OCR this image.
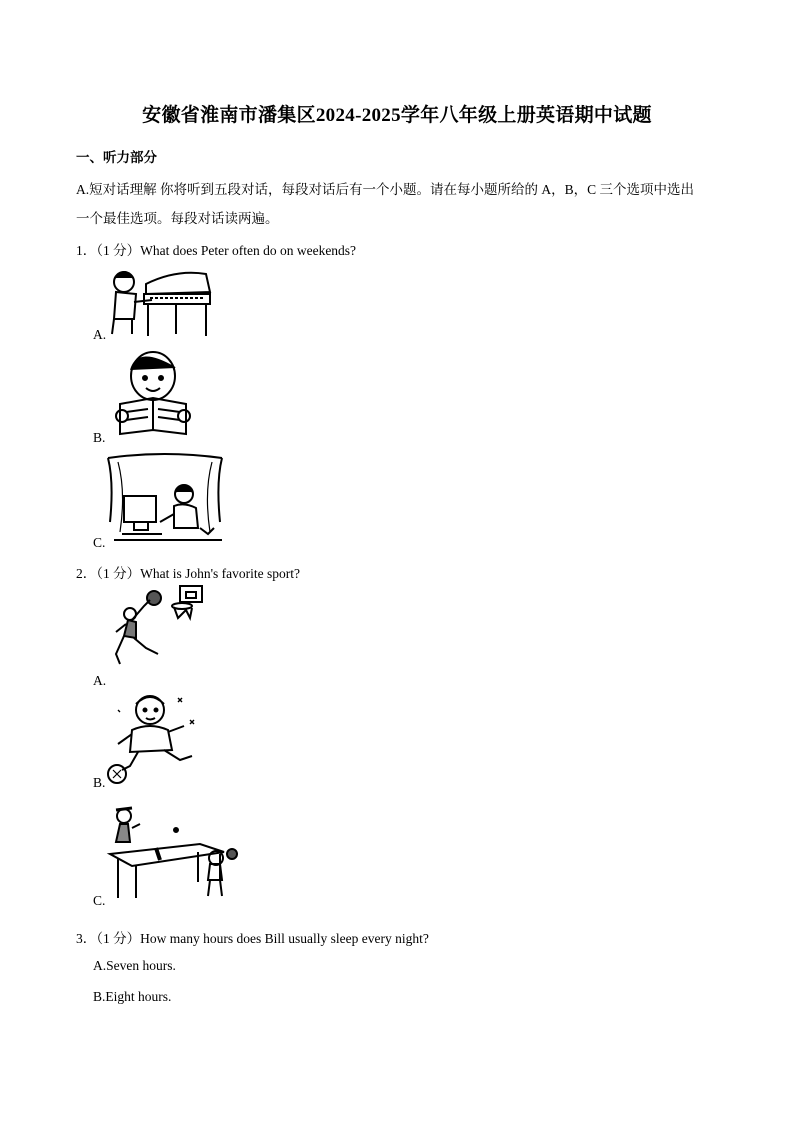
安徽省淮南市潘集区2024-2025学年八年级上册英语期中试题
一、听力部分
A.短对话理解 你将听到五段对话，每段对话后有一个小题。请在每小题所给的 A，B，C 三个选项中选出
一个最佳选项。每段对话读两遍。
1．（1 分）What does Peter often do on weekends?
A.
B.
C.
2．（1 分）What is John's favorite sport?
A.
B.
C.
3．（1 分）How many hours does Bill usually sleep every night?
A.Seven hours.
B.Eight hours.
